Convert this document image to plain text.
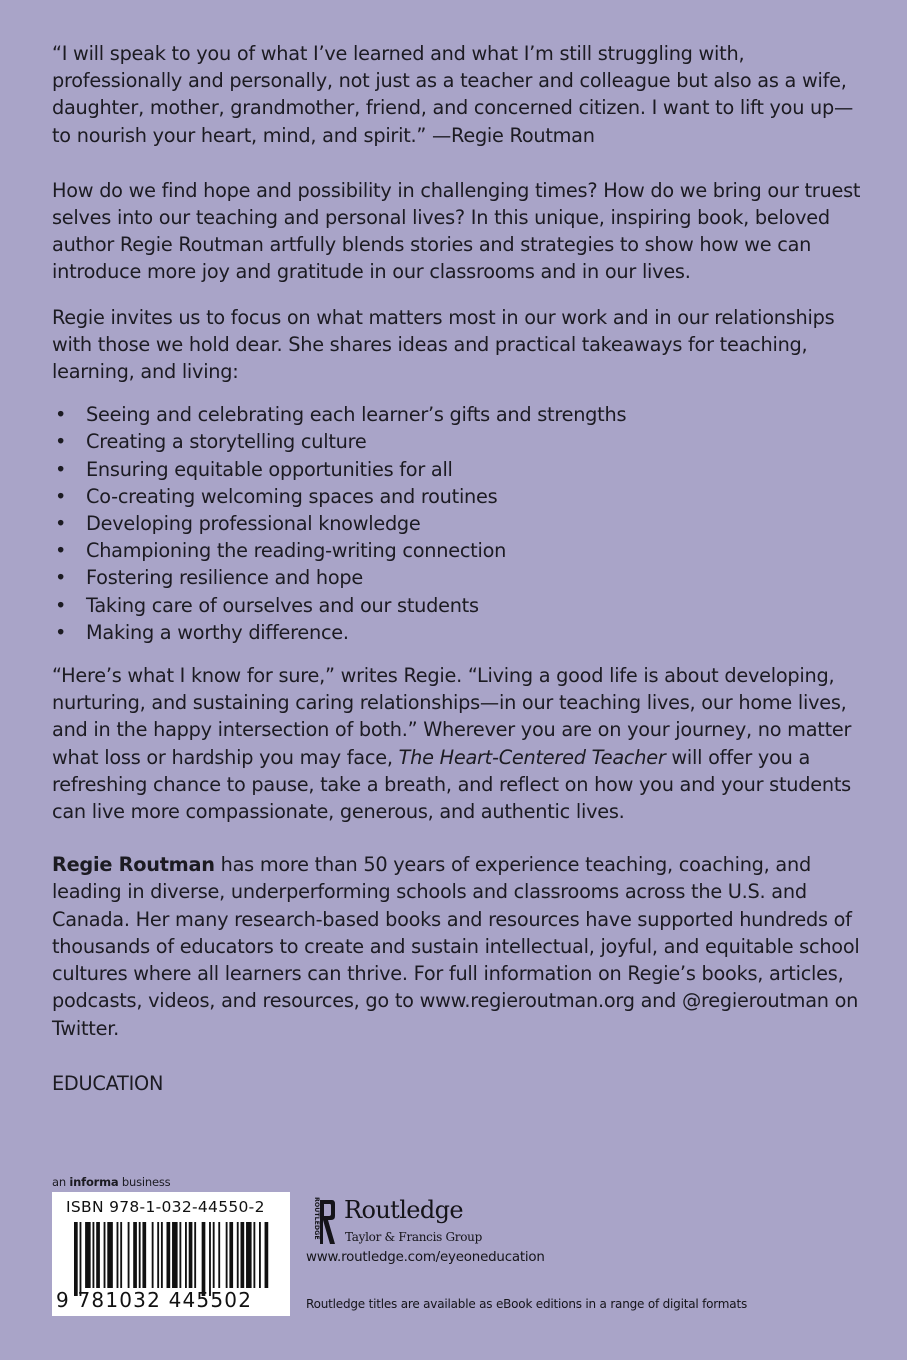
“I will speak to you of what I’ve learned and what I’m still struggling with, professionally and personally, not just as a teacher and colleague but also as a wife, daughter, mother, grandmother, friend, and concerned citizen. I want to lift you up—to nourish your heart, mind, and spirit.” —Regie Routman

How do we find hope and possibility in challenging times? How do we bring our truest selves into our teaching and personal lives? In this unique, inspiring book, beloved author Regie Routman artfully blends stories and strategies to show how we can introduce more joy and gratitude in our classrooms and in our lives.

Regie invites us to focus on what matters most in our work and in our relationships with those we hold dear. She shares ideas and practical takeaways for teaching, learning, and living:

• Seeing and celebrating each learner’s gifts and strengths
• Creating a storytelling culture
• Ensuring equitable opportunities for all
• Co-creating welcoming spaces and routines
• Developing professional knowledge
• Championing the reading-writing connection
• Fostering resilience and hope
• Taking care of ourselves and our students
• Making a worthy difference.

“Here’s what I know for sure,” writes Regie. “Living a good life is about developing, nurturing, and sustaining caring relationships—in our teaching lives, our home lives, and in the happy intersection of both.” Wherever you are on your journey, no matter what loss or hardship you may face, The Heart-Centered Teacher will offer you a refreshing chance to pause, take a breath, and reflect on how you and your students can live more compassionate, generous, and authentic lives.

Regie Routman has more than 50 years of experience teaching, coaching, and leading in diverse, underperforming schools and classrooms across the U.S. and Canada. Her many research-based books and resources have supported hundreds of thousands of educators to create and sustain intellectual, joyful, and equitable school cultures where all learners can thrive. For full information on Regie’s books, articles, podcasts, videos, and resources, go to www.regieroutman.org and @regieroutman on Twitter.

EDUCATION

an informa business
ISBN 978-1-032-44550-2
9 781032 445502
ROUTLEDGE Routledge
Taylor & Francis Group
www.routledge.com/eyeoneducation
Routledge titles are available as eBook editions in a range of digital formats
